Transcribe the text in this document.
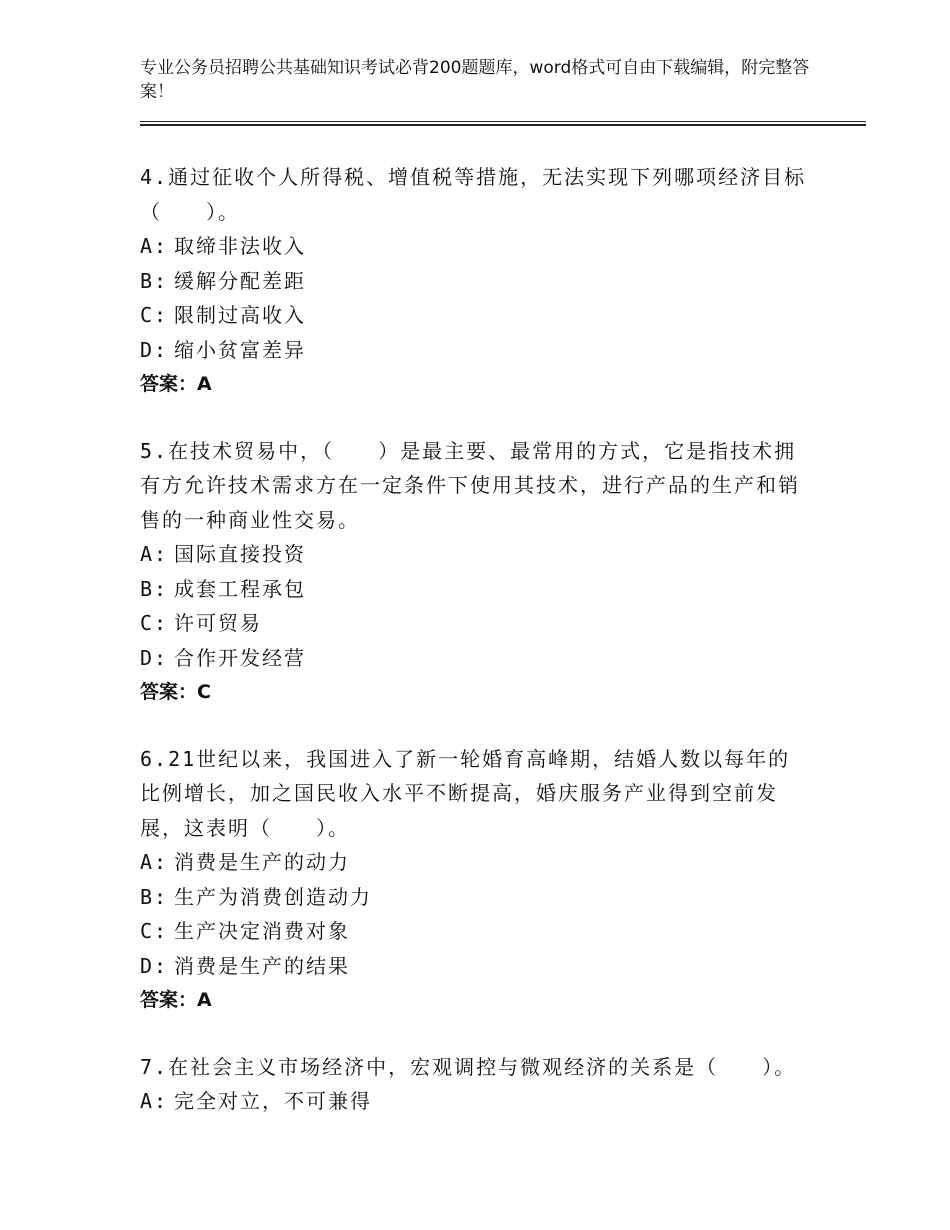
专业公务员招聘公共基础知识考试必背200题题库，word格式可自由下载编辑，附完整答案！

4.通过征收个人所得税、增值税等措施，无法实现下列哪项经济目标（　　）。

A: 取缔非法收入

B: 缓解分配差距

C: 限制过高收入

D: 缩小贫富差异

答案：A

5.在技术贸易中，（　　）是最主要、最常用的方式，它是指技术拥有方允许技术需求方在一定条件下使用其技术，进行产品的生产和销售的一种商业性交易。

A: 国际直接投资

B: 成套工程承包

C: 许可贸易

D: 合作开发经营

答案：C

6.21世纪以来，我国进入了新一轮婚育高峰期，结婚人数以每年的比例增长，加之国民收入水平不断提高，婚庆服务产业得到空前发展，这表明（　　）。

A: 消费是生产的动力

B: 生产为消费创造动力

C: 生产决定消费对象

D: 消费是生产的结果

答案：A

7.在社会主义市场经济中，宏观调控与微观经济的关系是（　　）。

A: 完全对立，不可兼得
